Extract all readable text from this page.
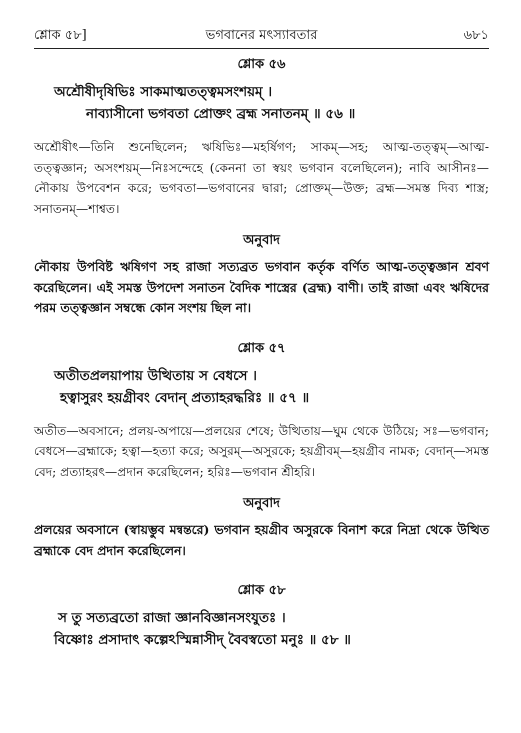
শ্লোক ৫৮]	ভগবানের মৎস্যাবতার	৬৮১

শ্লোক ৫৬

অশ্রৌষীদৃষিভিঃ সাকমাত্মতত্ত্বমসংশয়ম্ ।
নাব্যাসীনো ভগবতা প্রোক্তং ব্রহ্ম সনাতনম্ ॥ ৫৬ ॥

অশ্রৌষীৎ—তিনি শুনেছিলেন; ঋষিভিঃ—মহর্ষিগণ; সাকম্—সহ; আত্ম-তত্ত্বম্—আত্ম-তত্ত্বজ্ঞান; অসংশয়ম্—নিঃসন্দেহে (কেননা তা স্বয়ং ভগবান বলেছিলেন); নাবি আসীনঃ—নৌকায় উপবেশন করে; ভগবতা—ভগবানের দ্বারা; প্রোক্তম্—উক্ত; ব্রহ্ম—সমস্ত দিব্য শাস্ত্র; সনাতনম্—শাশ্বত।

অনুবাদ

নৌকায় উপবিষ্ট ঋষিগণ সহ রাজা সত্যব্রত ভগবান কর্তৃক বর্ণিত আত্ম-তত্ত্বজ্ঞান শ্রবণ করেছিলেন। এই সমস্ত উপদেশ সনাতন বৈদিক শাস্ত্রের (ব্রহ্ম) বাণী। তাই রাজা এবং ঋষিদের পরম তত্ত্বজ্ঞান সম্বন্ধে কোন সংশয় ছিল না।

শ্লোক ৫৭

অতীতপ্রলয়াপায় উত্থিতায় স বেধসে ।
হত্বাসুরং হয়গ্রীবং বেদান্ প্রত্যাহরদ্ধরিঃ ॥ ৫৭ ॥

অতীত—অবসানে; প্রলয়-অপায়ে—প্রলয়ের শেষে; উত্থিতায়—ঘুম থেকে উঠিয়ে; সঃ—ভগবান; বেধসে—ব্রহ্মাকে; হত্বা—হত্যা করে; অসুরম্—অসুরকে; হয়গ্রীবম্—হয়গ্রীব নামক; বেদান্—সমস্ত বেদ; প্রত্যাহরৎ—প্রদান করেছিলেন; হরিঃ—ভগবান শ্রীহরি।

অনুবাদ

প্রলয়ের অবসানে (স্বায়ম্ভুব মন্বন্তরে) ভগবান হয়গ্রীব অসুরকে বিনাশ করে নিদ্রা থেকে উত্থিত ব্রহ্মাকে বেদ প্রদান করেছিলেন।

শ্লোক ৫৮

স তু সত্যব্রতো রাজা জ্ঞানবিজ্ঞানসংযুতঃ ।
বিষ্ণোঃ প্রসাদাৎ কল্পেঽস্মিন্নাসীদ্ বৈবস্বতো মনুঃ ॥ ৫৮ ॥
